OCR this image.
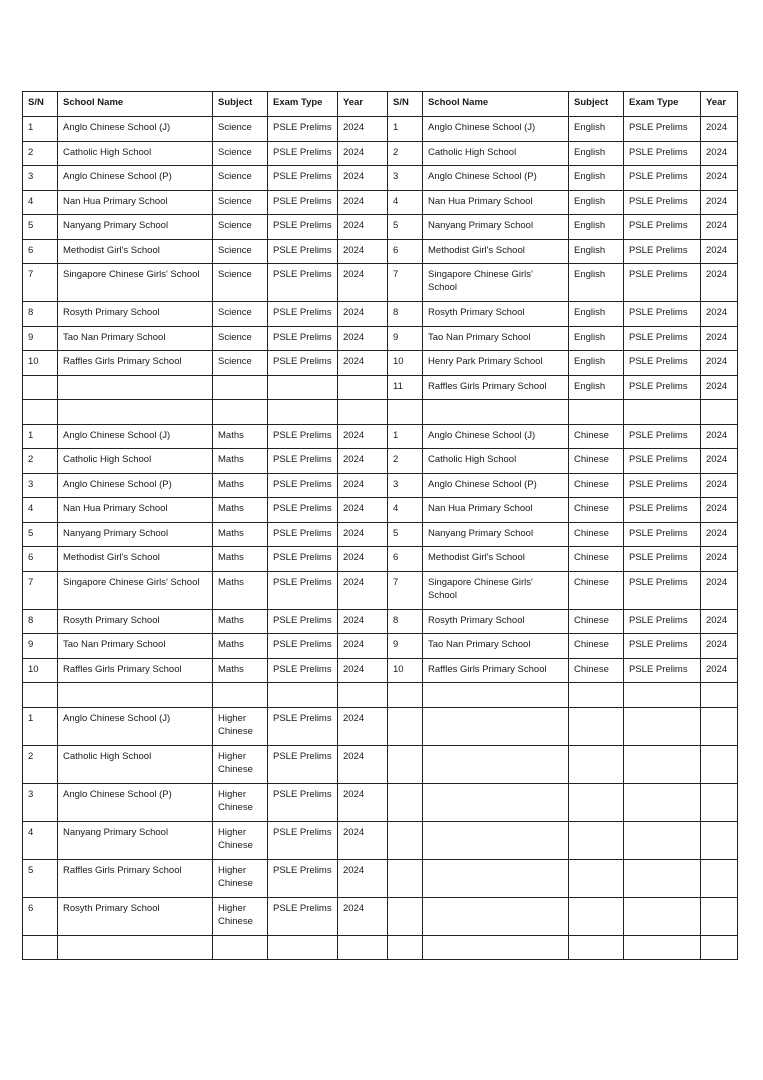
S/N	School Name	Subject	Exam Type	Year	S/N	School Name	Subject	Exam Type	Year
1	Anglo Chinese School (J)	Science	PSLE Prelims	2024	1	Anglo Chinese School (J)	English	PSLE Prelims	2024
2	Catholic High School	Science	PSLE Prelims	2024	2	Catholic High School	English	PSLE Prelims	2024
3	Anglo Chinese School (P)	Science	PSLE Prelims	2024	3	Anglo Chinese School (P)	English	PSLE Prelims	2024
4	Nan Hua Primary School	Science	PSLE Prelims	2024	4	Nan Hua Primary School	English	PSLE Prelims	2024
5	Nanyang Primary School	Science	PSLE Prelims	2024	5	Nanyang Primary School	English	PSLE Prelims	2024
6	Methodist Girl's School	Science	PSLE Prelims	2024	6	Methodist Girl's School	English	PSLE Prelims	2024
7	Singapore Chinese Girls' School	Science	PSLE Prelims	2024	7	Singapore Chinese Girls' School	English	PSLE Prelims	2024
8	Rosyth Primary School	Science	PSLE Prelims	2024	8	Rosyth Primary School	English	PSLE Prelims	2024
9	Tao Nan Primary School	Science	PSLE Prelims	2024	9	Tao Nan Primary School	English	PSLE Prelims	2024
10	Raffles Girls Primary School	Science	PSLE Prelims	2024	10	Henry Park Primary School	English	PSLE Prelims	2024
					11	Raffles Girls Primary School	English	PSLE Prelims	2024

1	Anglo Chinese School (J)	Maths	PSLE Prelims	2024	1	Anglo Chinese School (J)	Chinese	PSLE Prelims	2024
2	Catholic High School	Maths	PSLE Prelims	2024	2	Catholic High School	Chinese	PSLE Prelims	2024
3	Anglo Chinese School (P)	Maths	PSLE Prelims	2024	3	Anglo Chinese School (P)	Chinese	PSLE Prelims	2024
4	Nan Hua Primary School	Maths	PSLE Prelims	2024	4	Nan Hua Primary School	Chinese	PSLE Prelims	2024
5	Nanyang Primary School	Maths	PSLE Prelims	2024	5	Nanyang Primary School	Chinese	PSLE Prelims	2024
6	Methodist Girl's School	Maths	PSLE Prelims	2024	6	Methodist Girl's School	Chinese	PSLE Prelims	2024
7	Singapore Chinese Girls' School	Maths	PSLE Prelims	2024	7	Singapore Chinese Girls' School	Chinese	PSLE Prelims	2024
8	Rosyth Primary School	Maths	PSLE Prelims	2024	8	Rosyth Primary School	Chinese	PSLE Prelims	2024
9	Tao Nan Primary School	Maths	PSLE Prelims	2024	9	Tao Nan Primary School	Chinese	PSLE Prelims	2024
10	Raffles Girls Primary School	Maths	PSLE Prelims	2024	10	Raffles Girls Primary School	Chinese	PSLE Prelims	2024

1	Anglo Chinese School (J)	Higher Chinese	PSLE Prelims	2024					
2	Catholic High School	Higher Chinese	PSLE Prelims	2024					
3	Anglo Chinese School (P)	Higher Chinese	PSLE Prelims	2024					
4	Nanyang Primary School	Higher Chinese	PSLE Prelims	2024					
5	Raffles Girls Primary School	Higher Chinese	PSLE Prelims	2024					
6	Rosyth Primary School	Higher Chinese	PSLE Prelims	2024					
